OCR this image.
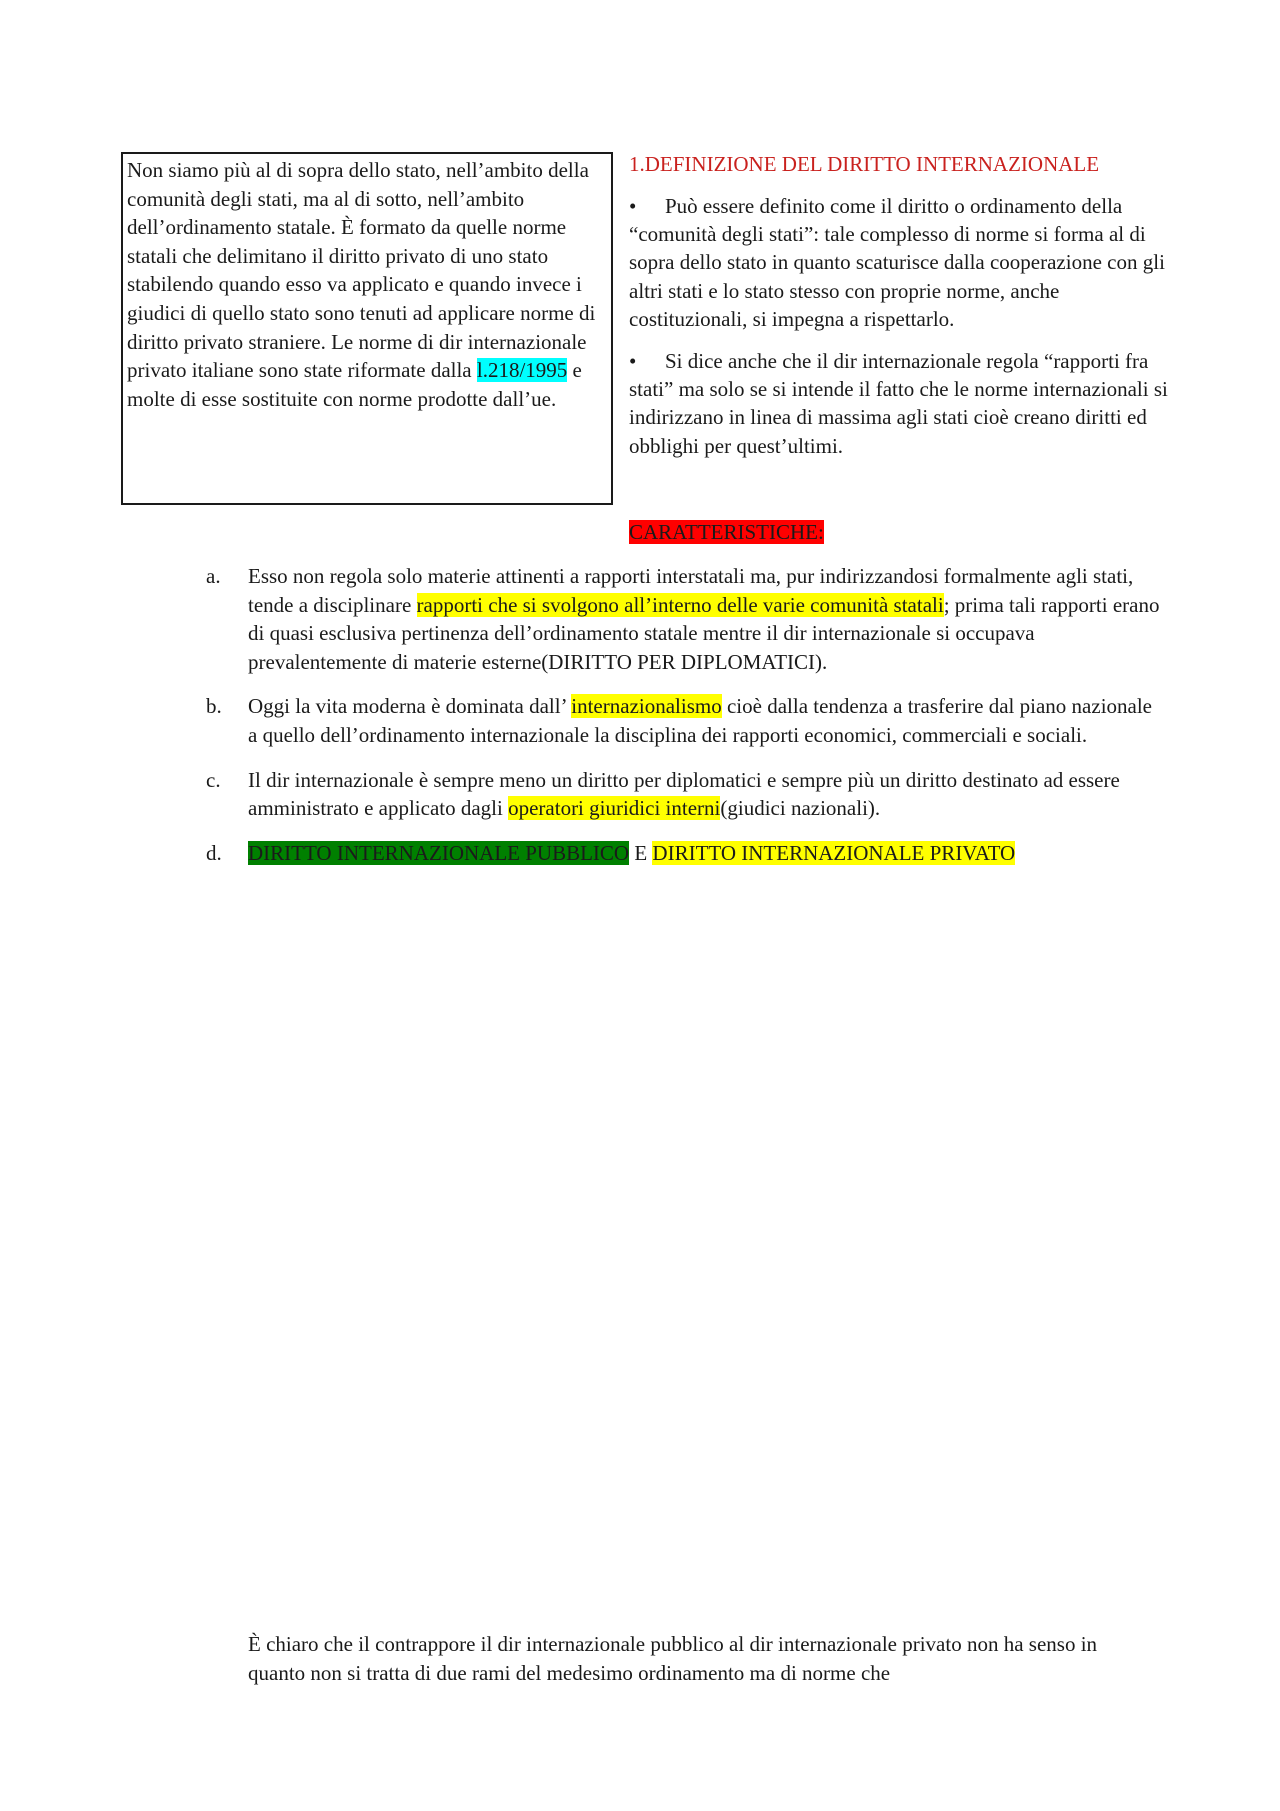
Non siamo più al di sopra dello stato, nell’ambito della comunità degli stati, ma al di sotto, nell’ambito dell’ordinamento statale. È formato da quelle norme statali che delimitano il diritto privato di uno stato stabilendo quando esso va applicato e quando invece i giudici di quello stato sono tenuti ad applicare norme di diritto privato straniere. Le norme di dir internazionale privato italiane sono state riformate dalla l.218/1995 e molte di esse sostituite con norme prodotte dall’ue.
1.DEFINIZIONE DEL DIRITTO INTERNAZIONALE

• Può essere definito come il diritto o ordinamento della “comunità degli stati”: tale complesso di norme si forma al di sopra dello stato in quanto scaturisce dalla cooperazione con gli altri stati e lo stato stesso con proprie norme, anche costituzionali, si impegna a rispettarlo.

• Si dice anche che il dir internazionale regola “rapporti fra stati” ma solo se si intende il fatto che le norme internazionali si indirizzano in linea di massima agli stati cioè creano diritti ed obblighi per quest’ultimi.

CARATTERISTICHE:
a. Esso non regola solo materie attinenti a rapporti interstatali ma, pur indirizzandosi formalmente agli stati, tende a disciplinare rapporti che si svolgono all’interno delle varie comunità statali; prima tali rapporti erano di quasi esclusiva pertinenza dell’ordinamento statale mentre il dir internazionale si occupava prevalentemente di materie esterne(DIRITTO PER DIPLOMATICI).
b. Oggi la vita moderna è dominata dall’ internazionalismo cioè dalla tendenza a trasferire dal piano nazionale a quello dell’ordinamento internazionale la disciplina dei rapporti economici, commerciali e sociali.
c. Il dir internazionale è sempre meno un diritto per diplomatici e sempre più un diritto destinato ad essere amministrato e applicato dagli operatori giuridici interni(giudici nazionali).
d. DIRITTO INTERNAZIONALE PUBBLICO E DIRITTO INTERNAZIONALE PRIVATO
È chiaro che il contrappore il dir internazionale pubblico al dir internazionale privato non ha senso in quanto non si tratta di due rami del medesimo ordinamento ma di norme che
